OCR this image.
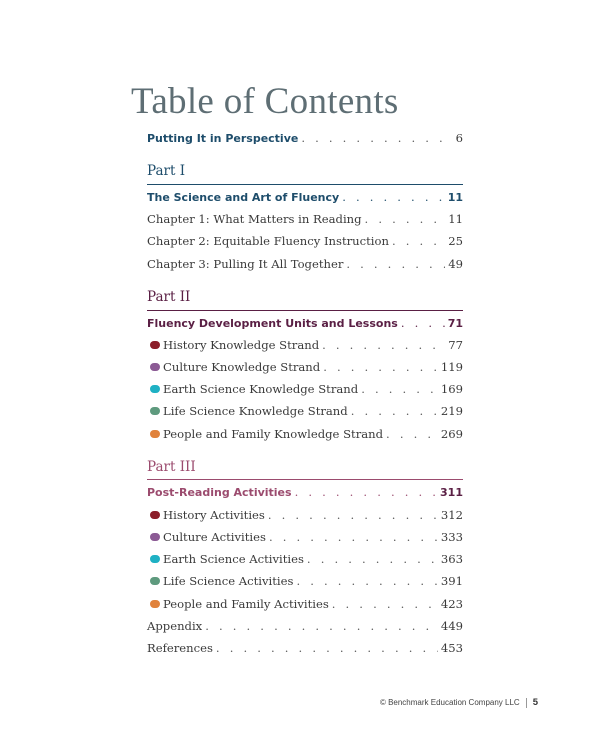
Table of Contents
Putting It in Perspective . . .	6
Part I
The Science and Art of Fluency . . .	11
Chapter 1: What Matters in Reading . . .	11
Chapter 2: Equitable Fluency Instruction . . .	25
Chapter 3: Pulling It All Together . . .	49
Part II
Fluency Development Units and Lessons . . .	71
History Knowledge Strand . . .	77
Culture Knowledge Strand . . .	119
Earth Science Knowledge Strand . . .	169
Life Science Knowledge Strand . . .	219
People and Family Knowledge Strand . . .	269
Part III
Post-Reading Activities . . .	311
History Activities . . .	312
Culture Activities . . .	333
Earth Science Activities . . .	363
Life Science Activities . . .	391
People and Family Activities . . .	423
Appendix . . .	449
References . . .	453
© Benchmark Education Company LLC 5
